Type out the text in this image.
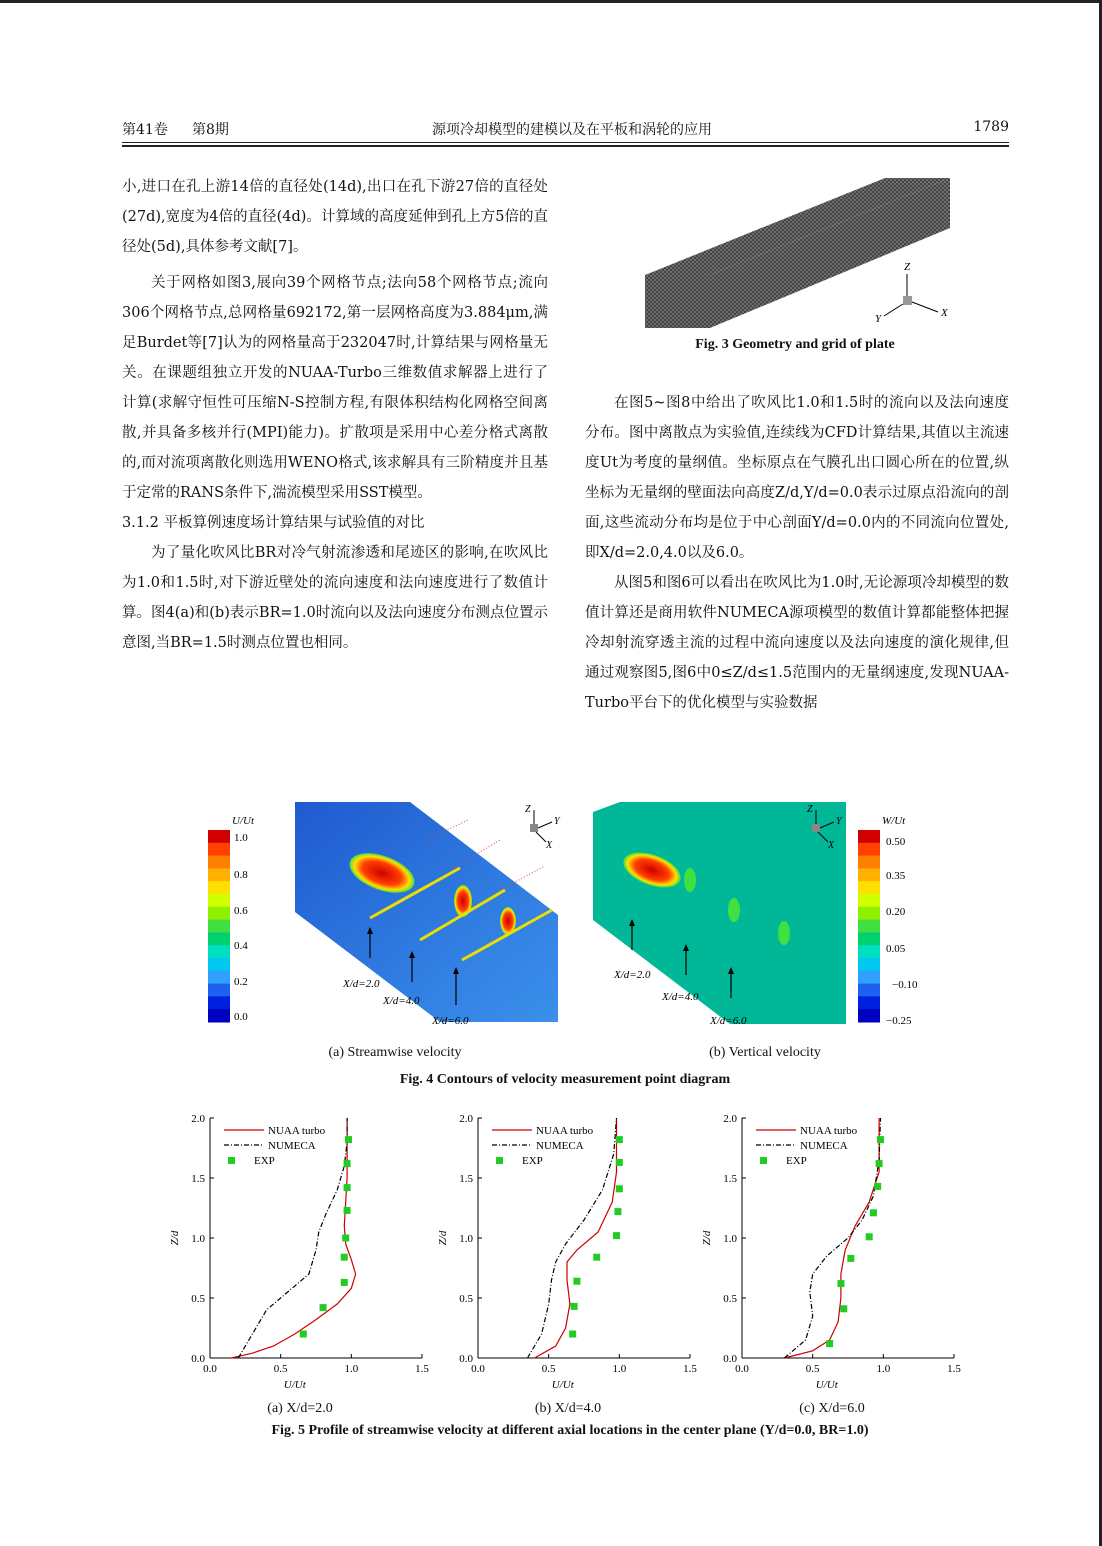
第41卷 第8期	源项冷却模型的建模以及在平板和涡轮的应用	1789

小,进口在孔上游14倍的直径处(14d),出口在孔下游27倍的直径处(27d),宽度为4倍的直径(4d)。计算域的高度延伸到孔上方5倍的直径处(5d),具体参考文献[7]。

关于网格如图3,展向39个网格节点;法向58个网格节点;流向306个网格节点,总网格量692172,第一层网格高度为3.884μm,满足Burdet等[7]认为的网格量高于232047时,计算结果与网格量无关。在课题组独立开发的NUAA-Turbo三维数值求解器上进行了计算(求解守恒性可压缩N-S控制方程,有限体积结构化网格空间离散,并具备多核并行(MPI)能力)。扩散项是采用中心差分格式离散的,而对流项离散化则选用WENO格式,该求解具有三阶精度并且基于定常的RANS条件下,湍流模型采用SST模型。

3.1.2 平板算例速度场计算结果与试验值的对比

为了量化吹风比BR对冷气射流渗透和尾迹区的影响,在吹风比为1.0和1.5时,对下游近壁处的流向速度和法向速度进行了数值计算。图4(a)和(b)表示BR=1.0时流向以及法向速度分布测点位置示意图,当BR=1.5时测点位置也相同。

Z
Y	X
Fig. 3 Geometry and grid of plate

在图5~图8中给出了吹风比1.0和1.5时的流向以及法向速度分布。图中离散点为实验值,连续线为CFD计算结果,其值以主流速度Ut为考度的量纲值。坐标原点在气膜孔出口圆心所在的位置,纵坐标为无量纲的壁面法向高度Z/d,Y/d=0.0表示过原点沿流向的剖面,这些流动分布均是位于中心剖面Y/d=0.0内的不同流向位置处,即X/d=2.0,4.0以及6.0。

从图5和图6可以看出在吹风比为1.0时,无论源项冷却模型的数值计算还是商用软件NUMECA源项模型的数值计算都能整体把握冷却射流穿透主流的过程中流向速度以及法向速度的演化规律,但通过观察图5,图6中0≤Z/d≤1.5范围内的无量纲速度,发现NUAA-Turbo平台下的优化模型与实验数据

U/Ut
1.0
0.8
0.6
0.4
0.2
0.0
X/d=2.0
X/d=4.0
X/d=6.0
Z
Y
X
X/d=2.0
X/d=4.0
X/d=6.0
Z
Y
X
W/Ut
0.50
0.35
0.20
0.05
−0.10
−0.25
(a) Streamwise velocity	(b) Vertical velocity
Fig. 4 Contours of velocity measurement point diagram
0.0
0.5
1.0
1.5
2.0
0.0	0.5	1.0	1.5
U/Ut
Z/d
NUAA turbo
NUMECA
EXP
0.0
0.5
1.0
1.5
2.0
0.0	0.5	1.0	1.5
U/Ut
Z/d
NUAA turbo
NUMECA
EXP
0.0
0.5
1.0
1.5
2.0
0.0	0.5	1.0	1.5
U/Ut
Z/d
NUAA turbo
NUMECA
EXP
(a) X/d=2.0	(b) X/d=4.0	(c) X/d=6.0
Fig. 5 Profile of streamwise velocity at different axial locations in the center plane (Y/d=0.0, BR=1.0)
